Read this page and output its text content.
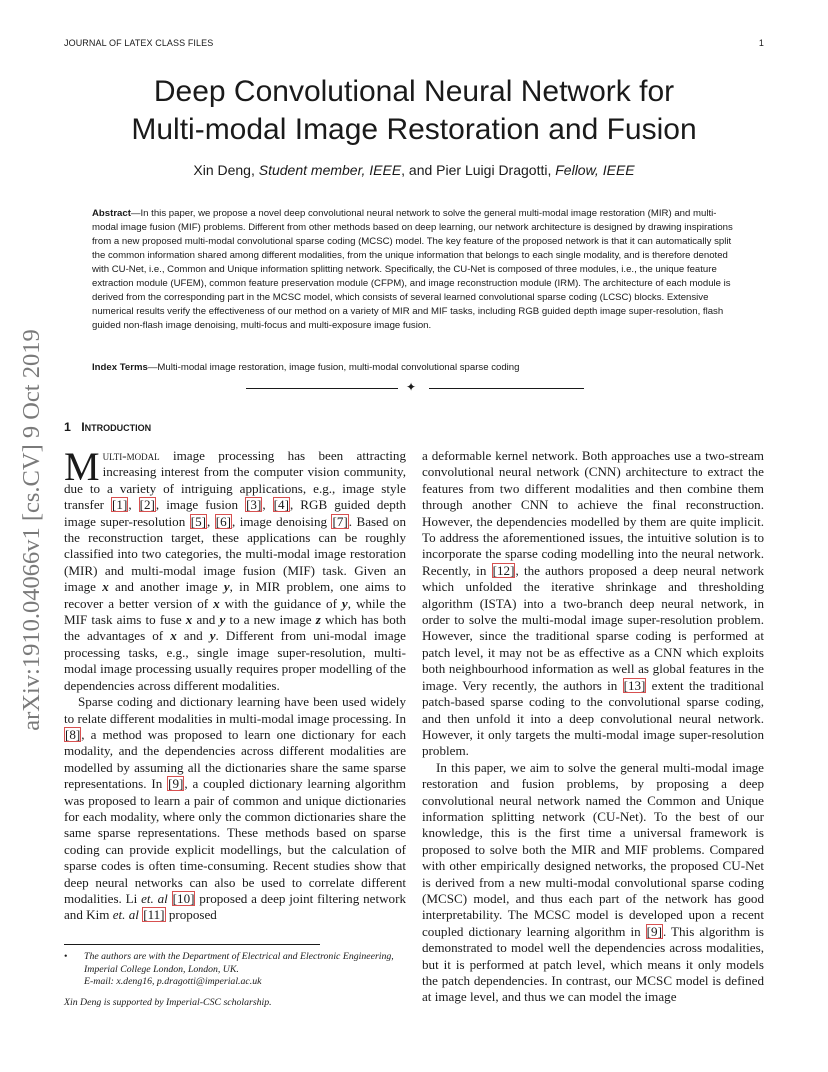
JOURNAL OF LATEX CLASS FILES	1
arXiv:1910.04066v1 [cs.CV] 9 Oct 2019
Deep Convolutional Neural Network for
Multi-modal Image Restoration and Fusion
Xin Deng, Student member, IEEE, and Pier Luigi Dragotti, Fellow, IEEE

Abstract—In this paper, we propose a novel deep convolutional neural network to solve the general multi-modal image restoration (MIR) and multi-modal image fusion (MIF) problems. Different from other methods based on deep learning, our network architecture is designed by drawing inspirations from a new proposed multi-modal convolutional sparse coding (MCSC) model. The key feature of the proposed network is that it can automatically split the common information shared among different modalities, from the unique information that belongs to each single modality, and is therefore denoted with CU-Net, i.e., Common and Unique information splitting network. Specifically, the CU-Net is composed of three modules, i.e., the unique feature extraction module (UFEM), common feature preservation module (CFPM), and image reconstruction module (IRM). The architecture of each module is derived from the corresponding part in the MCSC model, which consists of several learned convolutional sparse coding (LCSC) blocks. Extensive numerical results verify the effectiveness of our method on a variety of MIR and MIF tasks, including RGB guided depth image super-resolution, flash guided non-flash image denoising, multi-focus and multi-exposure image fusion.

Index Terms—Multi-modal image restoration, image fusion, multi-modal convolutional sparse coding

✦
1 Introduction

Multi-modal image processing has been attracting increasing interest from the computer vision community, due to a variety of intriguing applications, e.g., image style transfer [1], [2], image fusion [3], [4], RGB guided depth image super-resolution [5], [6], image denoising [7]. Based on the reconstruction target, these applications can be roughly classified into two categories, the multi-modal image restoration (MIR) and multi-modal image fusion (MIF) task. Given an image x and another image y, in MIR problem, one aims to recover a better version of x with the guidance of y, while the MIF task aims to fuse x and y to a new image z which has both the advantages of x and y. Different from uni-modal image processing tasks, e.g., single image super-resolution, multi-modal image processing usually requires proper modelling of the dependencies across different modalities.

Sparse coding and dictionary learning have been used widely to relate different modalities in multi-modal image processing. In [8], a method was proposed to learn one dictionary for each modality, and the dependencies across different modalities are modelled by assuming all the dictionaries share the same sparse representations. In [9], a coupled dictionary learning algorithm was proposed to learn a pair of common and unique dictionaries for each modality, where only the common dictionaries share the same sparse representations. These methods based on sparse coding can provide explicit modellings, but the calculation of sparse codes is often time-consuming. Recent studies show that deep neural networks can also be used to correlate different modalities. Li et. al [10] proposed a deep joint filtering network and Kim et. al [11] proposed

a deformable kernel network. Both approaches use a two-stream convolutional neural network (CNN) architecture to extract the features from two different modalities and then combine them through another CNN to achieve the final reconstruction. However, the dependencies modelled by them are quite implicit. To address the aforementioned issues, the intuitive solution is to incorporate the sparse coding modelling into the neural network. Recently, in [12], the authors proposed a deep neural network which unfolded the iterative shrinkage and thresholding algorithm (ISTA) into a two-branch deep neural network, in order to solve the multi-modal image super-resolution problem. However, since the traditional sparse coding is performed at patch level, it may not be as effective as a CNN which exploits both neighbourhood information as well as global features in the image. Very recently, the authors in [13] extent the traditional patch-based sparse coding to the convolutional sparse coding, and then unfold it into a deep convolutional neural network. However, it only targets the multi-modal image super-resolution problem.

In this paper, we aim to solve the general multi-modal image restoration and fusion problems, by proposing a deep convolutional neural network named the Common and Unique information splitting network (CU-Net). To the best of our knowledge, this is the first time a universal framework is proposed to solve both the MIR and MIF problems. Compared with other empirically designed networks, the proposed CU-Net is derived from a new multi-modal convolutional sparse coding (MCSC) model, and thus each part of the network has good interpretability. The MCSC model is developed upon a recent coupled dictionary learning algorithm in [9]. This algorithm is demonstrated to model well the dependencies across modalities, but it is performed at patch level, which means it only models the patch dependencies. In contrast, our MCSC model is defined at image level, and thus we can model the image

•	The authors are with the Department of Electrical and Electronic Engineering, Imperial College London, London, UK.
E-mail: x.deng16, p.dragotti@imperial.ac.uk

Xin Deng is supported by Imperial-CSC scholarship.
